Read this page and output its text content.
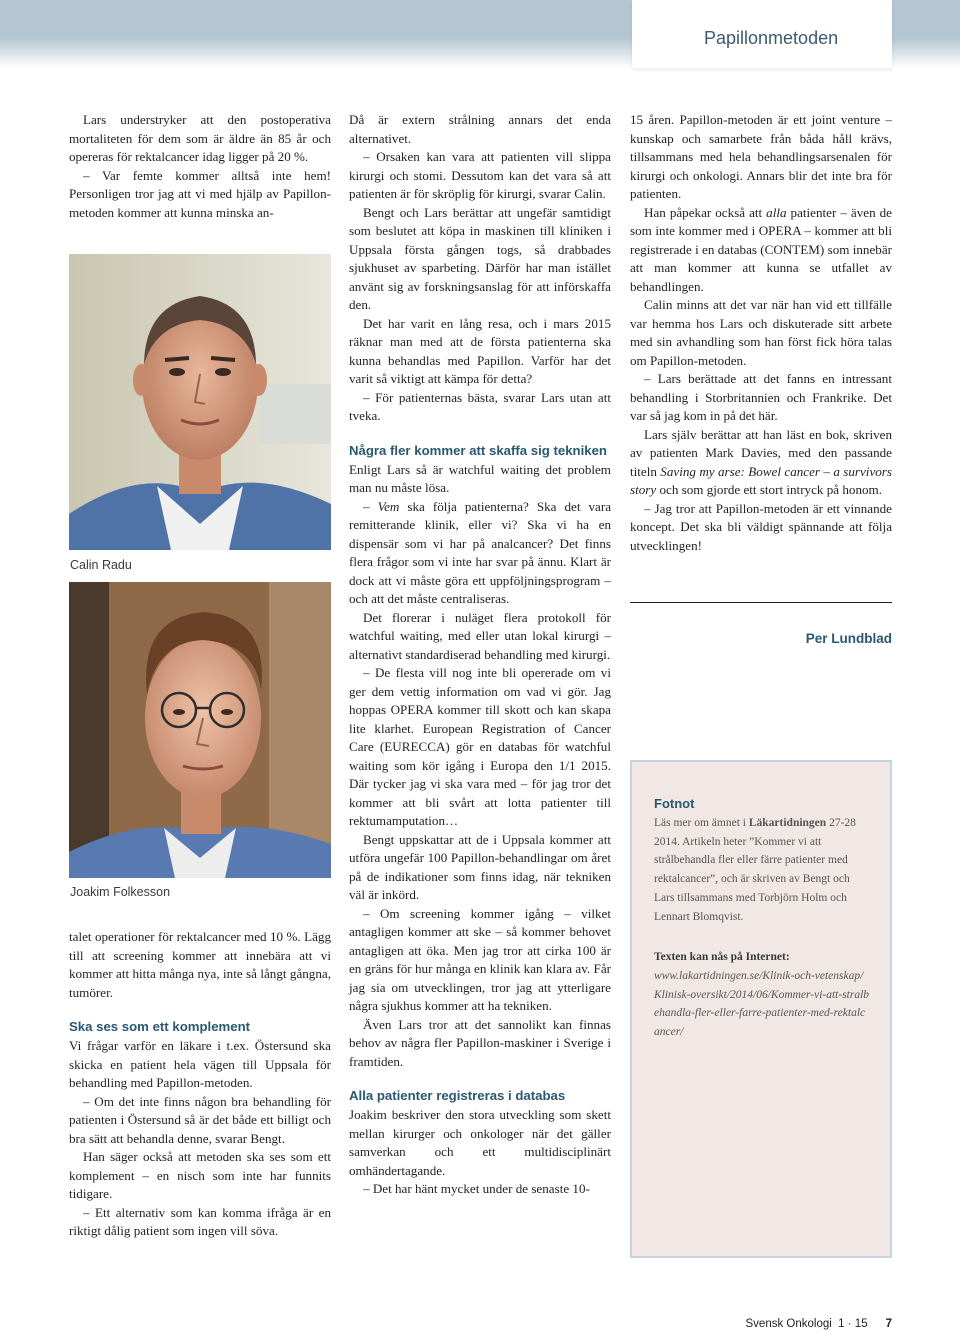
Papillonmetoden

Lars understryker att den postoperativa mortaliteten för dem som är äldre än 85 år och opereras för rektalcancer idag ligger på 20 %.

– Var femte kommer alltså inte hem! Personligen tror jag att vi med hjälp av Papillon-metoden kommer att kunna minska an-

Calin Radu
Joakim Folkesson

talet operationer för rektalcancer med 10 %. Lägg till att screening kommer att innebära att vi kommer att hitta många nya, inte så långt gångna, tumörer.

Ska ses som ett komplement

Vi frågar varför en läkare i t.ex. Östersund ska skicka en patient hela vägen till Uppsala för behandling med Papillon-metoden.

– Om det inte finns någon bra behandling för patienten i Östersund så är det både ett billigt och bra sätt att behandla denne, svarar Bengt.

Han säger också att metoden ska ses som ett komplement – en nisch som inte har funnits tidigare.

– Ett alternativ som kan komma ifråga är en riktigt dålig patient som ingen vill söva.

Då är extern strålning annars det enda alternativet.

– Orsaken kan vara att patienten vill slippa kirurgi och stomi. Dessutom kan det vara så att patienten är för skröplig för kirurgi, svarar Calin.

Bengt och Lars berättar att ungefär samtidigt som beslutet att köpa in maskinen till kliniken i Uppsala första gången togs, så drabbades sjukhuset av sparbeting. Därför har man istället använt sig av forskningsanslag för att införskaffa den.

Det har varit en lång resa, och i mars 2015 räknar man med att de första patienterna ska kunna behandlas med Papillon. Varför har det varit så viktigt att kämpa för detta?

– För patienternas bästa, svarar Lars utan att tveka.

Några fler kommer att skaffa sig tekniken

Enligt Lars så är watchful waiting det problem man nu måste lösa.

– Vem ska följa patienterna? Ska det vara remitterande klinik, eller vi? Ska vi ha en dispensär som vi har på analcancer? Det finns flera frågor som vi inte har svar på ännu. Klart är dock att vi måste göra ett uppföljningsprogram – och att det måste centraliseras.

Det florerar i nuläget flera protokoll för watchful waiting, med eller utan lokal kirurgi – alternativt standardiserad behandling med kirurgi.

– De flesta vill nog inte bli opererade om vi ger dem vettig information om vad vi gör. Jag hoppas OPERA kommer till skott och kan skapa lite klarhet. European Registration of Cancer Care (EURECCA) gör en databas för watchful waiting som kör igång i Europa den 1/1 2015. Där tycker jag vi ska vara med – för jag tror det kommer att bli svårt att lotta patienter till rektumamputation…

Bengt uppskattar att de i Uppsala kommer att utföra ungefär 100 Papillon-behandlingar om året på de indikationer som finns idag, när tekniken väl är inkörd.

– Om screening kommer igång – vilket antagligen kommer att ske – så kommer behovet antagligen att öka. Men jag tror att cirka 100 är en gräns för hur många en klinik kan klara av. Får jag sia om utvecklingen, tror jag att ytterligare några sjukhus kommer att ha tekniken.

Även Lars tror att det sannolikt kan finnas behov av några fler Papillon-maskiner i Sverige i framtiden.

Alla patienter registreras i databas

Joakim beskriver den stora utveckling som skett mellan kirurger och onkologer när det gäller samverkan och ett multidisciplinärt omhändertagande.

– Det har hänt mycket under de senaste 10-

15 åren. Papillon-metoden är ett joint venture – kunskap och samarbete från båda håll krävs, tillsammans med hela behandlingsarsenalen för kirurgi och onkologi. Annars blir det inte bra för patienten.

Han påpekar också att alla patienter – även de som inte kommer med i OPERA – kommer att bli registrerade i en databas (CONTEM) som innebär att man kommer att kunna se utfallet av behandlingen.

Calin minns att det var när han vid ett tillfälle var hemma hos Lars och diskuterade sitt arbete med sin avhandling som han först fick höra talas om Papillon-metoden.

– Lars berättade att det fanns en intressant behandling i Storbritannien och Frankrike. Det var så jag kom in på det här.

Lars själv berättar att han läst en bok, skriven av patienten Mark Davies, med den passande titeln Saving my arse: Bowel cancer – a survivors story och som gjorde ett stort intryck på honom.

– Jag tror att Papillon-metoden är ett vinnande koncept. Det ska bli väldigt spännande att följa utvecklingen!

Per Lundblad
Fotnot

Läs mer om ämnet i Läkartidningen 27-28 2014. Artikeln heter ”Kommer vi att strålbehandla fler eller färre patienter med rektalcancer”, och är skriven av Bengt och Lars tillsammans med Torbjörn Holm och Lennart Blomqvist.

Texten kan nås på Internet:

www.lakartidningen.se/Klinik-och-vetenskap/Klinisk-oversikt/2014/06/Kommer-vi-att-stralbehandla-fler-eller-farre-patienter-med-rektalcancer/

Svensk Onkologi  1 · 15 7
